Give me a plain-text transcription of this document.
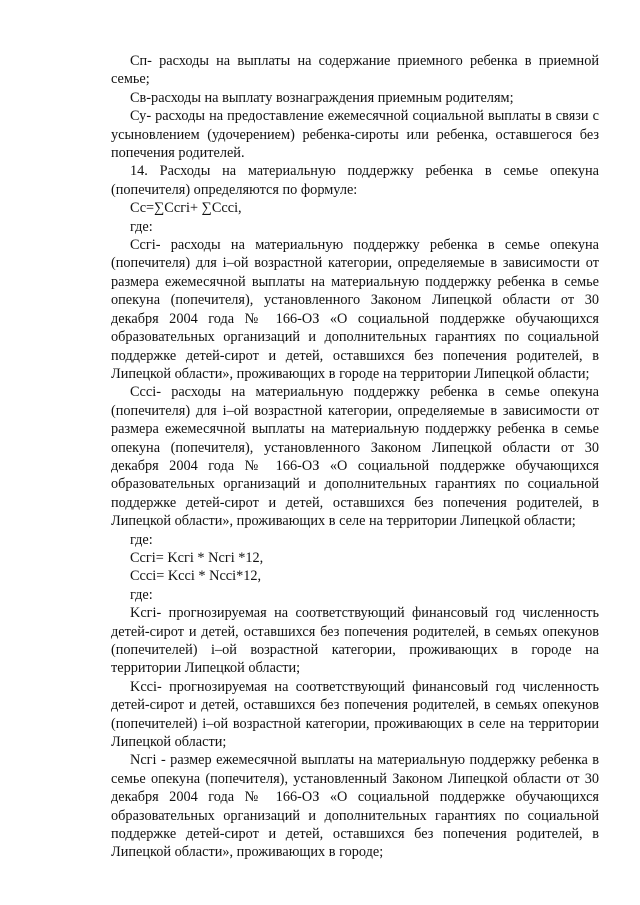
Сп- расходы на выплаты на содержание приемного ребенка в приемной семье;

Св-расходы на выплату вознаграждения приемным родителям;

Су- расходы на предоставление ежемесячной социальной выплаты в связи с усыновлением (удочерением) ребенка-сироты или ребенка, оставшегося без попечения родителей.

14. Расходы на материальную поддержку ребенка в семье опекуна (попечителя) определяются по формуле:

Сс=∑Ccгi+ ∑Ccci,

где:

Ccгi- расходы на материальную поддержку ребенка в семье опекуна (попечителя) для i–ой возрастной категории, определяемые в зависимости от размера ежемесячной выплаты на материальную поддержку ребенка в семье опекуна (попечителя), установленного Законом Липецкой области от 30 декабря 2004 года № 166-ОЗ «О социальной поддержке обучающихся образовательных организаций и дополнительных гарантиях по социальной поддержке детей-сирот и детей, оставшихся без попечения родителей, в Липецкой области», проживающих в городе на территории Липецкой области;

Ccci- расходы на материальную поддержку ребенка в семье опекуна (попечителя) для i–ой возрастной категории, определяемые в зависимости от размера ежемесячной выплаты на материальную поддержку ребенка в семье опекуна (попечителя), установленного Законом Липецкой области от 30 декабря 2004 года № 166-ОЗ «О социальной поддержке обучающихся образовательных организаций и дополнительных гарантиях по социальной поддержке детей-сирот и детей, оставшихся без попечения родителей, в Липецкой области», проживающих в селе на территории Липецкой области;

где:

Ccгi= Kcгi * Ncгi *12,

Ccci= Kcci * Ncci*12,

где:

Kcгi- прогнозируемая на соответствующий финансовый год численность детей-сирот и детей, оставшихся без попечения родителей, в семьях опекунов (попечителей) i–ой возрастной категории, проживающих в городе на территории Липецкой области;

Kcci- прогнозируемая на соответствующий финансовый год численность детей-сирот и детей, оставшихся без попечения родителей, в семьях опекунов (попечителей) i–ой возрастной категории, проживающих в селе на территории Липецкой области;

Ncгi - размер ежемесячной выплаты на материальную поддержку ребенка в семье опекуна (попечителя), установленный Законом Липецкой области от 30 декабря 2004 года № 166-ОЗ «О социальной поддержке обучающихся образовательных организаций и дополнительных гарантиях по социальной поддержке детей-сирот и детей, оставшихся без попечения родителей, в Липецкой области», проживающих в городе;
